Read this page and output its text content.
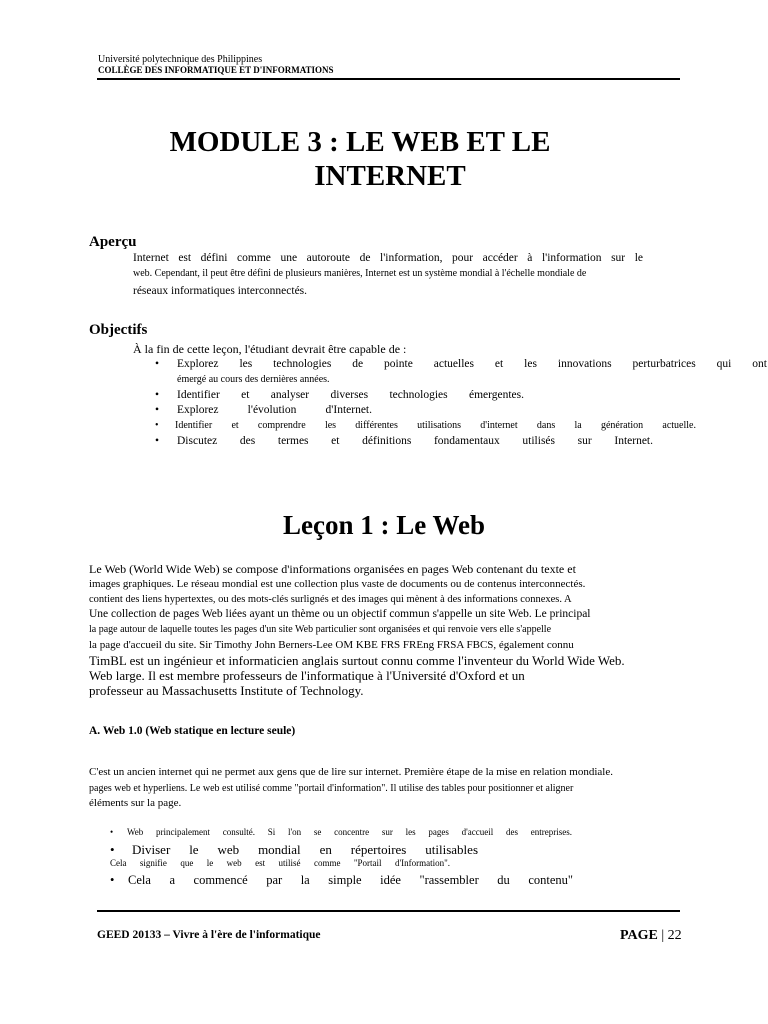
Université polytechnique des Philippines
COLLÈGE DES INFORMATIQUE ET D'INFORMATIONS
MODULE 3 : LE WEB ET LE
INTERNET
Aperçu
Internet est défini comme une autoroute de l'information, pour accéder à l'information sur le
web. Cependant, il peut être défini de plusieurs manières, Internet est un système mondial à l'échelle mondiale de
réseaux informatiques interconnectés.
Objectifs
À la fin de cette leçon, l'étudiant devrait être capable de :
• Explorez les technologies de pointe actuelles et les innovations perturbatrices qui ont
émergé au cours des dernières années.
• Identifier et analyser diverses technologies émergentes.
• Explorez l'évolution d'Internet.
• Identifier et comprendre les différentes utilisations d'internet dans la génération actuelle.
• Discutez des termes et définitions fondamentaux utilisés sur Internet.
Leçon 1 : Le Web
Le Web (World Wide Web) se compose d'informations organisées en pages Web contenant du texte et
images graphiques. Le réseau mondial est une collection plus vaste de documents ou de contenus interconnectés.
contient des liens hypertextes, ou des mots-clés surlignés et des images qui mènent à des informations connexes. A
Une collection de pages Web liées ayant un thème ou un objectif commun s'appelle un site Web. Le principal
la page autour de laquelle toutes les pages d'un site Web particulier sont organisées et qui renvoie vers elle s'appelle
la page d'accueil du site. Sir Timothy John Berners-Lee OM KBE FRS FREng FRSA FBCS, également connu
TimBL est un ingénieur et informaticien anglais surtout connu comme l'inventeur du World Wide Web.
Web large. Il est membre professeurs de l'informatique à l'Université d'Oxford et un
professeur au Massachusetts Institute of Technology.
A. Web 1.0 (Web statique en lecture seule)
C'est un ancien internet qui ne permet aux gens que de lire sur internet. Première étape de la mise en relation mondiale.
pages web et hyperliens. Le web est utilisé comme "portail d'information". Il utilise des tables pour positionner et aligner
éléments sur la page.
• Web principalement consulté. Si l'on se concentre sur les pages d'accueil des entreprises.
• Diviser le web mondial en répertoires utilisables
Cela signifie que le web est utilisé comme "Portail d'Information".
• Cela a commencé par la simple idée "rassembler du contenu"
GEED 20133 – Vivre à l'ère de l'informatique	PAGE | 22
